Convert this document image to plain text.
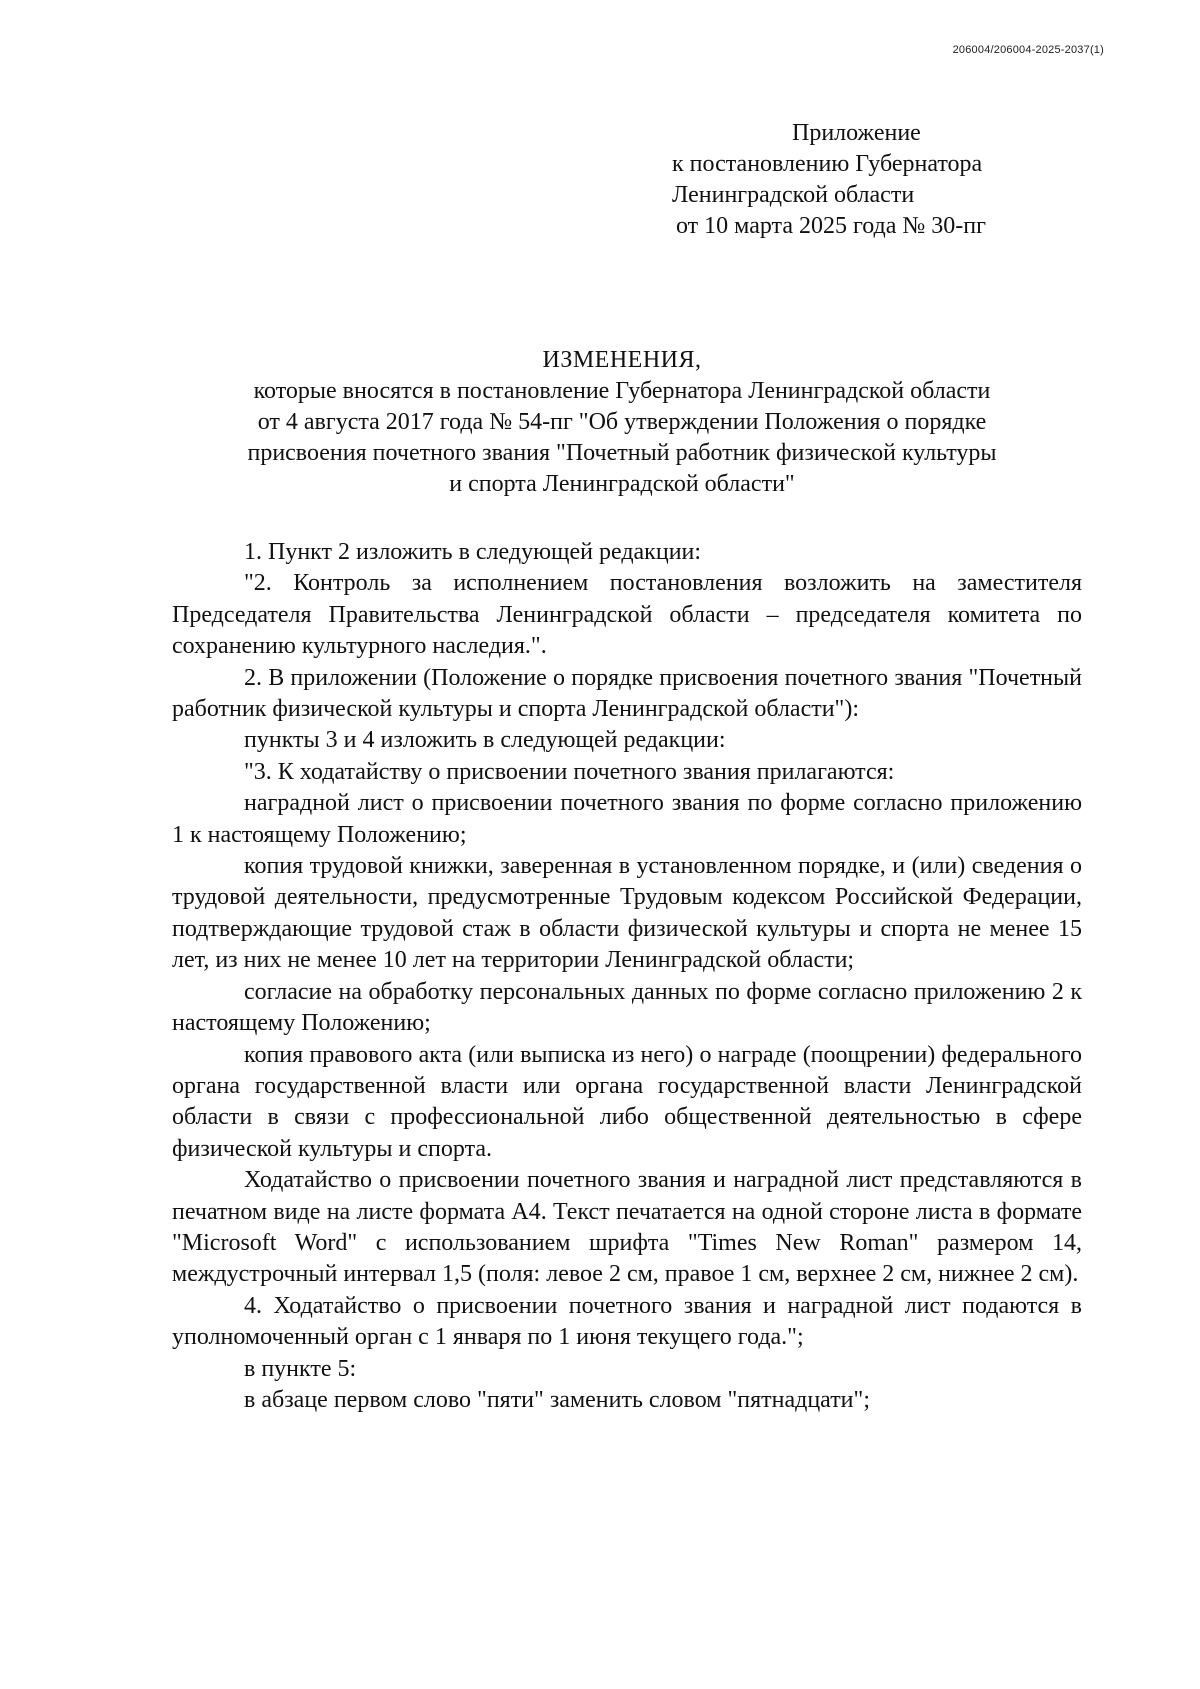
206004/206004-2025-2037(1)
Приложение
к постановлению Губернатора
Ленинградской области
от 10 марта 2025 года № 30-пг
ИЗМЕНЕНИЯ,
которые вносятся в постановление Губернатора Ленинградской области
от 4 августа 2017 года № 54-пг "Об утверждении Положения о порядке
присвоения почетного звания "Почетный работник физической культуры
и спорта Ленинградской области"

1. Пункт 2 изложить в следующей редакции:

"2. Контроль за исполнением постановления возложить на заместителя Председателя Правительства Ленинградской области – председателя комитета по сохранению культурного наследия.".

2. В приложении (Положение о порядке присвоения почетного звания "Почетный работник физической культуры и спорта Ленинградской области"):

пункты 3 и 4 изложить в следующей редакции:

"3. К ходатайству о присвоении почетного звания прилагаются:

наградной лист о присвоении почетного звания по форме согласно приложению 1 к настоящему Положению;

копия трудовой книжки, заверенная в установленном порядке, и (или) сведения о трудовой деятельности, предусмотренные Трудовым кодексом Российской Федерации, подтверждающие трудовой стаж в области физической культуры и спорта не менее 15 лет, из них не менее 10 лет на территории Ленинградской области;

согласие на обработку персональных данных по форме согласно приложению 2 к настоящему Положению;

копия правового акта (или выписка из него) о награде (поощрении) федерального органа государственной власти или органа государственной власти Ленинградской области в связи с профессиональной либо общественной деятельностью в сфере физической культуры и спорта.

Ходатайство о присвоении почетного звания и наградной лист представляются в печатном виде на листе формата А4. Текст печатается на одной стороне листа в формате "Microsoft Word" с использованием шрифта "Times New Roman" размером 14, междустрочный интервал 1,5 (поля: левое 2 см, правое 1 см, верхнее 2 см, нижнее 2 см).

4. Ходатайство о присвоении почетного звания и наградной лист подаются в уполномоченный орган с 1 января по 1 июня текущего года.";

в пункте 5:

в абзаце первом слово "пяти" заменить словом "пятнадцати";
